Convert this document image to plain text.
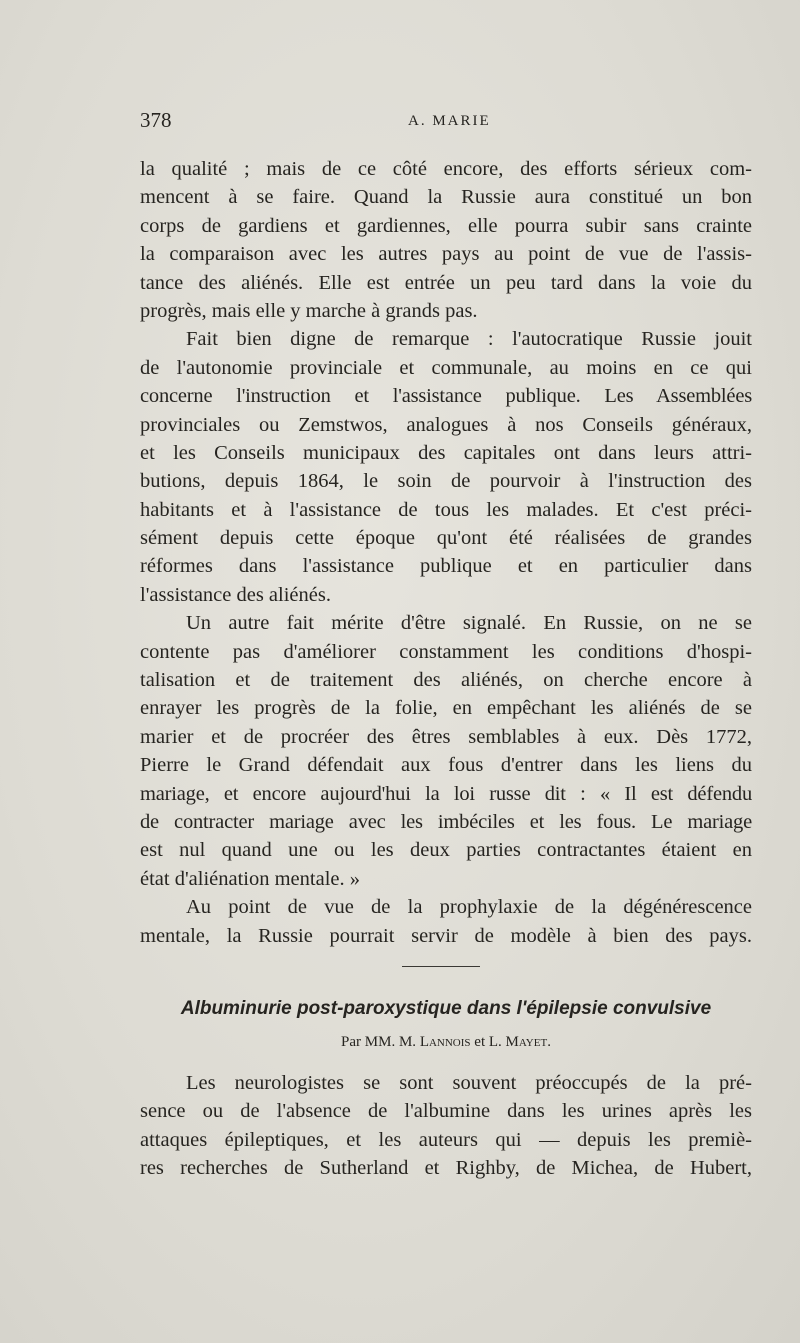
378	A. MARIE
la qualité ; mais de ce côté encore, des efforts sérieux com-
mencent à se faire. Quand la Russie aura constitué un bon
corps de gardiens et gardiennes, elle pourra subir sans crainte
la comparaison avec les autres pays au point de vue de l'assis-
tance des aliénés. Elle est entrée un peu tard dans la voie du
progrès, mais elle y marche à grands pas.
Fait bien digne de remarque : l'autocratique Russie jouit
de l'autonomie provinciale et communale, au moins en ce qui
concerne l'instruction et l'assistance publique. Les Assemblées
provinciales ou Zemstwos, analogues à nos Conseils généraux,
et les Conseils municipaux des capitales ont dans leurs attri-
butions, depuis 1864, le soin de pourvoir à l'instruction des
habitants et à l'assistance de tous les malades. Et c'est préci-
sément depuis cette époque qu'ont été réalisées de grandes
réformes dans l'assistance publique et en particulier dans
l'assistance des aliénés.
Un autre fait mérite d'être signalé. En Russie, on ne se
contente pas d'améliorer constamment les conditions d'hospi-
talisation et de traitement des aliénés, on cherche encore à
enrayer les progrès de la folie, en empêchant les aliénés de se
marier et de procréer des êtres semblables à eux. Dès 1772,
Pierre le Grand défendait aux fous d'entrer dans les liens du
mariage, et encore aujourd'hui la loi russe dit : « Il est défendu
de contracter mariage avec les imbéciles et les fous. Le mariage
est nul quand une ou les deux parties contractantes étaient en
état d'aliénation mentale. »
Au point de vue de la prophylaxie de la dégénérescence
mentale, la Russie pourrait servir de modèle à bien des pays.
Albuminurie post-paroxystique dans l'épilepsie convulsive
Par MM. M. Lannois et L. Mayet.
Les neurologistes se sont souvent préoccupés de la pré-
sence ou de l'absence de l'albumine dans les urines après les
attaques épileptiques, et les auteurs qui — depuis les premiè-
res recherches de Sutherland et Righby, de Michea, de Hubert,
